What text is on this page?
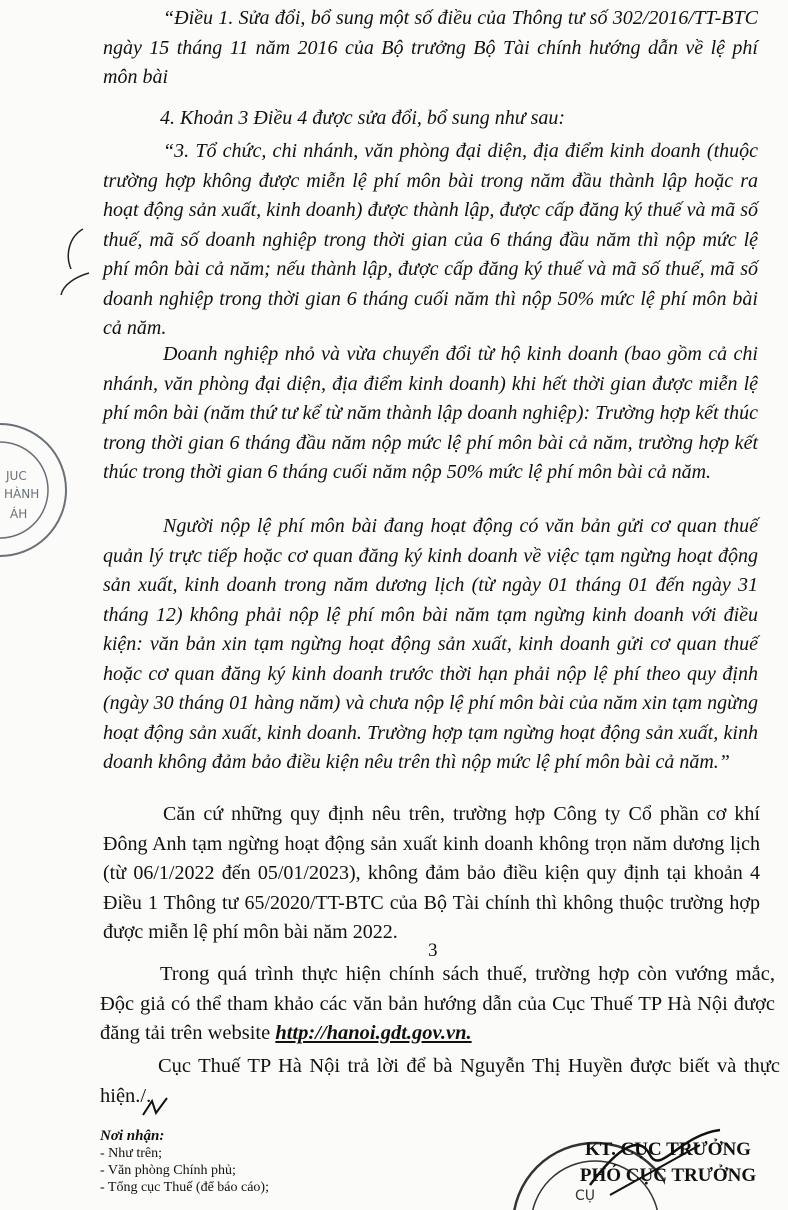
JUC
HÀNH
ÁH

“Điều 1. Sửa đổi, bổ sung một số điều của Thông tư số 302/2016/TT-BTC ngày 15 tháng 11 năm 2016 của Bộ trưởng Bộ Tài chính hướng dẫn về lệ phí môn bài

4. Khoản 3 Điều 4 được sửa đổi, bổ sung như sau:

“3. Tổ chức, chi nhánh, văn phòng đại diện, địa điểm kinh doanh (thuộc trường hợp không được miễn lệ phí môn bài trong năm đầu thành lập hoặc ra hoạt động sản xuất, kinh doanh) được thành lập, được cấp đăng ký thuế và mã số thuế, mã số doanh nghiệp trong thời gian của 6 tháng đầu năm thì nộp mức lệ phí môn bài cả năm; nếu thành lập, được cấp đăng ký thuế và mã số thuế, mã số doanh nghiệp trong thời gian 6 tháng cuối năm thì nộp 50% mức lệ phí môn bài cả năm.

Doanh nghiệp nhỏ và vừa chuyển đổi từ hộ kinh doanh (bao gồm cả chi nhánh, văn phòng đại diện, địa điểm kinh doanh) khi hết thời gian được miễn lệ phí môn bài (năm thứ tư kể từ năm thành lập doanh nghiệp): Trường hợp kết thúc trong thời gian 6 tháng đầu năm nộp mức lệ phí môn bài cả năm, trường hợp kết thúc trong thời gian 6 tháng cuối năm nộp 50% mức lệ phí môn bài cả năm.

Người nộp lệ phí môn bài đang hoạt động có văn bản gửi cơ quan thuế quản lý trực tiếp hoặc cơ quan đăng ký kinh doanh về việc tạm ngừng hoạt động sản xuất, kinh doanh trong năm dương lịch (từ ngày 01 tháng 01 đến ngày 31 tháng 12) không phải nộp lệ phí môn bài năm tạm ngừng kinh doanh với điều kiện: văn bản xin tạm ngừng hoạt động sản xuất, kinh doanh gửi cơ quan thuế hoặc cơ quan đăng ký kinh doanh trước thời hạn phải nộp lệ phí theo quy định (ngày 30 tháng 01 hàng năm) và chưa nộp lệ phí môn bài của năm xin tạm ngừng hoạt động sản xuất, kinh doanh. Trường hợp tạm ngừng hoạt động sản xuất, kinh doanh không đảm bảo điều kiện nêu trên thì nộp mức lệ phí môn bài cả năm.”

Căn cứ những quy định nêu trên, trường hợp Công ty Cổ phần cơ khí Đông Anh tạm ngừng hoạt động sản xuất kinh doanh không trọn năm dương lịch (từ 06/1/2022 đến 05/01/2023), không đảm bảo điều kiện quy định tại khoản 4 Điều 1 Thông tư 65/2020/TT-BTC của Bộ Tài chính thì không thuộc trường hợp được miễn lệ phí môn bài năm 2022.

3

Trong quá trình thực hiện chính sách thuế, trường hợp còn vướng mắc, Độc giả có thể tham khảo các văn bản hướng dẫn của Cục Thuế TP Hà Nội được đăng tải trên website http://hanoi.gdt.gov.vn.

Cục Thuế TP Hà Nội trả lời để bà Nguyễn Thị Huyền được biết và thực hiện./.

Nơi nhận:
- Như trên;
- Văn phòng Chính phủ;
- Tổng cục Thuế (để báo cáo);
CỤ
KT. CỤC TRƯỞNG
PHÓ CỤC TRƯỞNG
